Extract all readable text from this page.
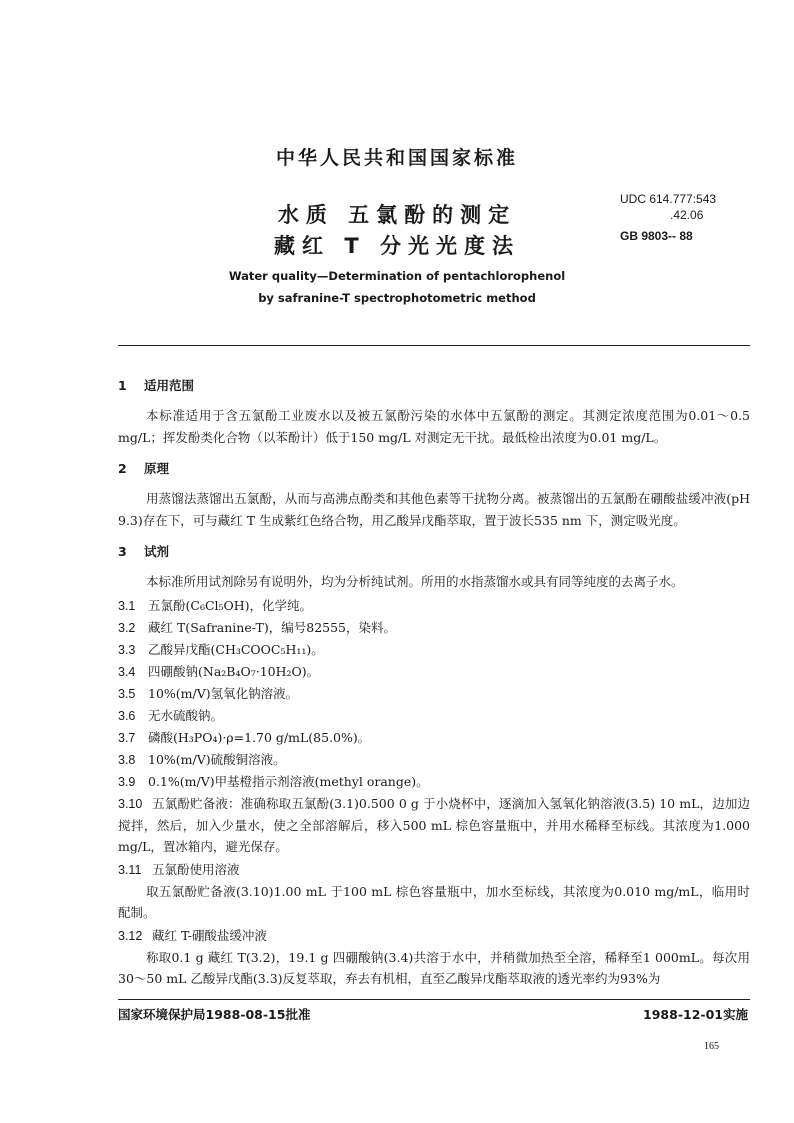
中华人民共和国国家标准
水质 五氯酚的测定
藏红 T 分光光度法
UDC 614.777:543
.42.06
GB 9803-- 88
Water quality—Determination of pentachlorophenol
by safranine-T spectrophotometric method

1 适用范围

本标准适用于含五氯酚工业废水以及被五氯酚污染的水体中五氯酚的测定。其测定浓度范围为0.01～0.5 mg/L；挥发酚类化合物（以苯酚计）低于150 mg/L 对测定无干扰。最低检出浓度为0.01 mg/L。

2 原理

用蒸馏法蒸馏出五氯酚，从而与高沸点酚类和其他色素等干扰物分离。被蒸馏出的五氯酚在硼酸盐缓冲液(pH 9.3)存在下，可与藏红 T 生成紫红色络合物，用乙酸异戊酯萃取，置于波长535 nm 下，测定吸光度。

3 试剂

本标准所用试剂除另有说明外，均为分析纯试剂。所用的水指蒸馏水或具有同等纯度的去离子水。

3.1 五氯酚(C₆Cl₅OH)，化学纯。

3.2 藏红 T(Safranine-T)，编号82555，染料。

3.3 乙酸异戊酯(CH₃COOC₅H₁₁)。

3.4 四硼酸钠(Na₂B₄O₇·10H₂O)。

3.5 10%(m/V)氢氧化钠溶液。

3.6 无水硫酸钠。

3.7 磷酸(H₃PO₄)·ρ=1.70 g/mL(85.0%)。

3.8 10%(m/V)硫酸铜溶液。

3.9 0.1%(m/V)甲基橙指示剂溶液(methyl orange)。

3.10 五氯酚贮备液：准确称取五氯酚(3.1)0.500 0 g 于小烧杯中，逐滴加入氢氧化钠溶液(3.5) 10 mL，边加边搅拌，然后，加入少量水，使之全部溶解后，移入500 mL 棕色容量瓶中，并用水稀释至标线。其浓度为1.000 mg/L，置冰箱内，避光保存。

3.11 五氯酚使用溶液

取五氯酚贮备液(3.10)1.00 mL 于100 mL 棕色容量瓶中，加水至标线，其浓度为0.010 mg/mL，临用时配制。

3.12 藏红 T-硼酸盐缓冲液

称取0.1 g 藏红 T(3.2)，19.1 g 四硼酸钠(3.4)共溶于水中，并稍微加热至全溶，稀释至1 000mL。每次用30～50 mL 乙酸异戊酯(3.3)反复萃取，弃去有机相，直至乙酸异戊酯萃取液的透光率约为93%为

国家环境保护局1988-08-15批准	1988-12-01实施
165
